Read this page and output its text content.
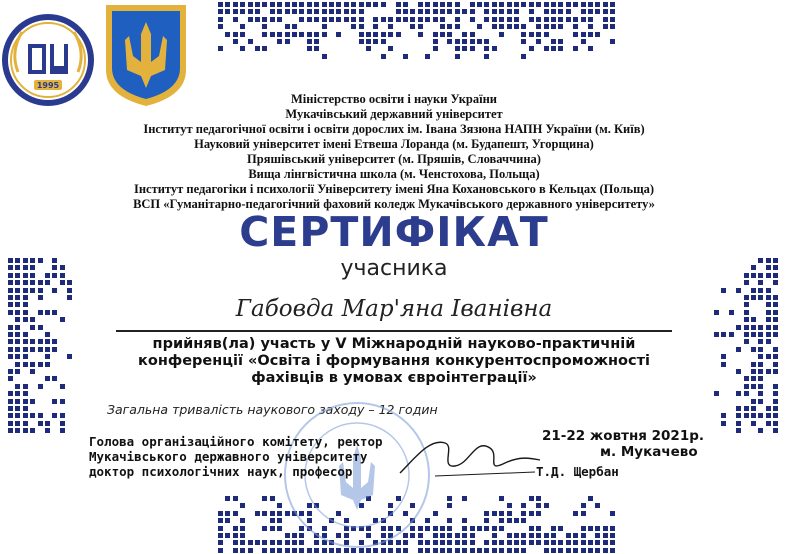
1995

Міністерство освіти і науки України
Мукачівський державний університет
Інститут педагогічної освіти і освіти дорослих ім. Івана Зязюна НАПН України (м. Київ)
Науковий університет імені Етвеша Лоранда (м. Будапешт, Угорщина)
Пряшівський університет (м. Пряшів, Словаччина)
Вища лінгвістична школа (м. Ченстохова, Польща)
Інститут педагогіки і психології Університету імені Яна Кохановського в Кельцах (Польща)
ВСП «Гуманітарно-педагогічний фаховий коледж Мукачівського державного університету»
СЕРТИФІКАТ
учасника
Габовда Мар'яна Іванівна
прийняв(ла) участь у V Міжнародній науково-практичній
конференції «Освіта і формування конкурентоспроможності
фахівців в умовах євроінтеграції»
Загальна тривалість наукового заходу – 12 годин
Голова організаційного комітету, ректор
Мукачівського державного університету
доктор психологічних наук, професор
21-22 жовтня 2021р.
м. Мукачево
Т.Д. Щербан
